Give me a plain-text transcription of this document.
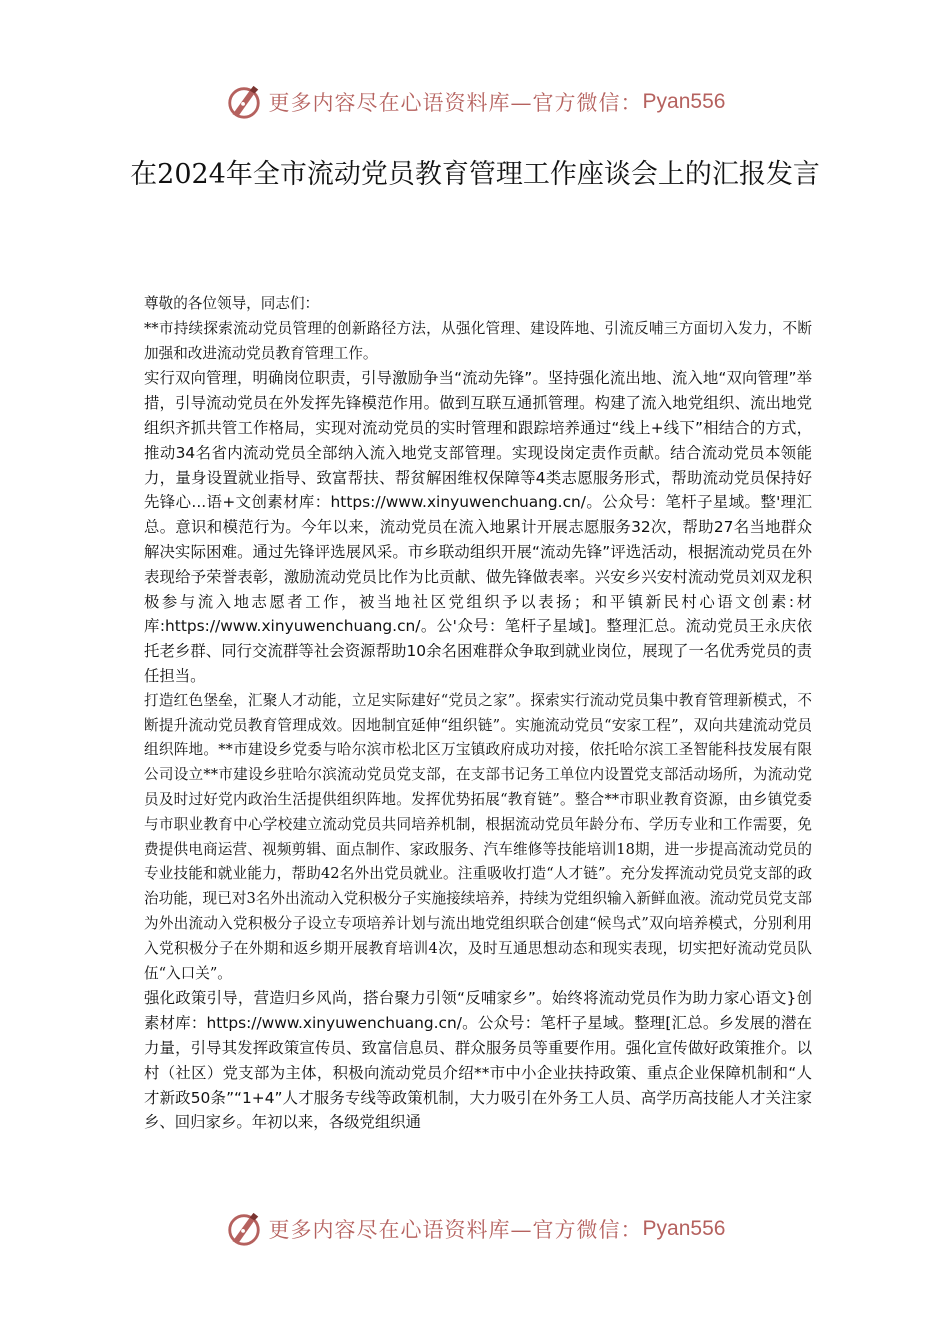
更多内容尽在心语资料库—官方微信： Pyan556
在2024年全市流动党员教育管理工作座谈会上的汇报发言

尊敬的各位领导，同志们：

**市持续探索流动党员管理的创新路径方法，从强化管理、建设阵地、引流反哺三方面切入发力，不断加强和改进流动党员教育管理工作。

实行双向管理，明确岗位职责，引导激励争当“流动先锋”。坚持强化流出地、流入地“双向管理”举措，引导流动党员在外发挥先锋模范作用。做到互联互通抓管理。构建了流入地党组织、流出地党组织齐抓共管工作格局，实现对流动党员的实时管理和跟踪培养通过“线上+线下”相结合的方式，推动34名省内流动党员全部纳入流入地党支部管理。实现设岗定责作贡献。结合流动党员本领能力，量身设置就业指导、致富帮扶、帮贫解困维权保障等4类志愿服务形式，帮助流动党员保持好先锋心...语+文创素材库：https://www.xinyuwenchuang.cn/。公众号：笔杆子星域。整'理汇总。意识和模范行为。今年以来，流动党员在流入地累计开展志愿服务32次，帮助27名当地群众解决实际困难。通过先锋评选展风采。市乡联动组织开展“流动先锋”评选活动，根据流动党员在外表现给予荣誉表彰，激励流动党员比作为比贡献、做先锋做表率。兴安乡兴安村流动党员刘双龙积极参与流入地志愿者工作，被当地社区党组织予以表扬；和平镇新民村心语文创素:材库:https://www.xinyuwenchuang.cn/。公'众号：笔杆子星域]。整理汇总。流动党员王永庆依托老乡群、同行交流群等社会资源帮助10余名困难群众争取到就业岗位，展现了一名优秀党员的责任担当。

打造红色堡垒，汇聚人才动能，立足实际建好“党员之家”。探索实行流动党员集中教育管理新模式，不断提升流动党员教育管理成效。因地制宜延伸“组织链”。实施流动党员“安家工程”，双向共建流动党员组织阵地。**市建设乡党委与哈尔滨市松北区万宝镇政府成功对接，依托哈尔滨工圣智能科技发展有限公司设立**市建设乡驻哈尔滨流动党员党支部，在支部书记务工单位内设置党支部活动场所，为流动党员及时过好党内政治生活提供组织阵地。发挥优势拓展“教育链”。整合**市职业教育资源，由乡镇党委与市职业教育中心学校建立流动党员共同培养机制，根据流动党员年龄分布、学历专业和工作需要，免费提供电商运营、视频剪辑、面点制作、家政服务、汽车维修等技能培训18期，进一步提高流动党员的专业技能和就业能力，帮助42名外出党员就业。注重吸收打造“人才链”。充分发挥流动党员党支部的政治功能，现已对3名外出流动入党积极分子实施接续培养，持续为党组织输入新鲜血液。流动党员党支部为外出流动入党积极分子设立专项培养计划与流出地党组织联合创建“候鸟式”双向培养模式，分别利用入党积极分子在外期和返乡期开展教育培训4次，及时互通思想动态和现实表现，切实把好流动党员队伍“入口关”。

强化政策引导，营造归乡风尚，搭台聚力引领“反哺家乡”。始终将流动党员作为助力家心语文}创素材库：https://www.xinyuwenchuang.cn/。公众号：笔杆子星域。整理[汇总。乡发展的潜在力量，引导其发挥政策宣传员、致富信息员、群众服务员等重要作用。强化宣传做好政策推介。以村（社区）党支部为主体，积极向流动党员介绍**市中小企业扶持政策、重点企业保障机制和“人才新政50条”“1+4”人才服务专线等政策机制，大力吸引在外务工人员、高学历高技能人才关注家乡、回归家乡。年初以来，各级党组织通

更多内容尽在心语资料库—官方微信： Pyan556
